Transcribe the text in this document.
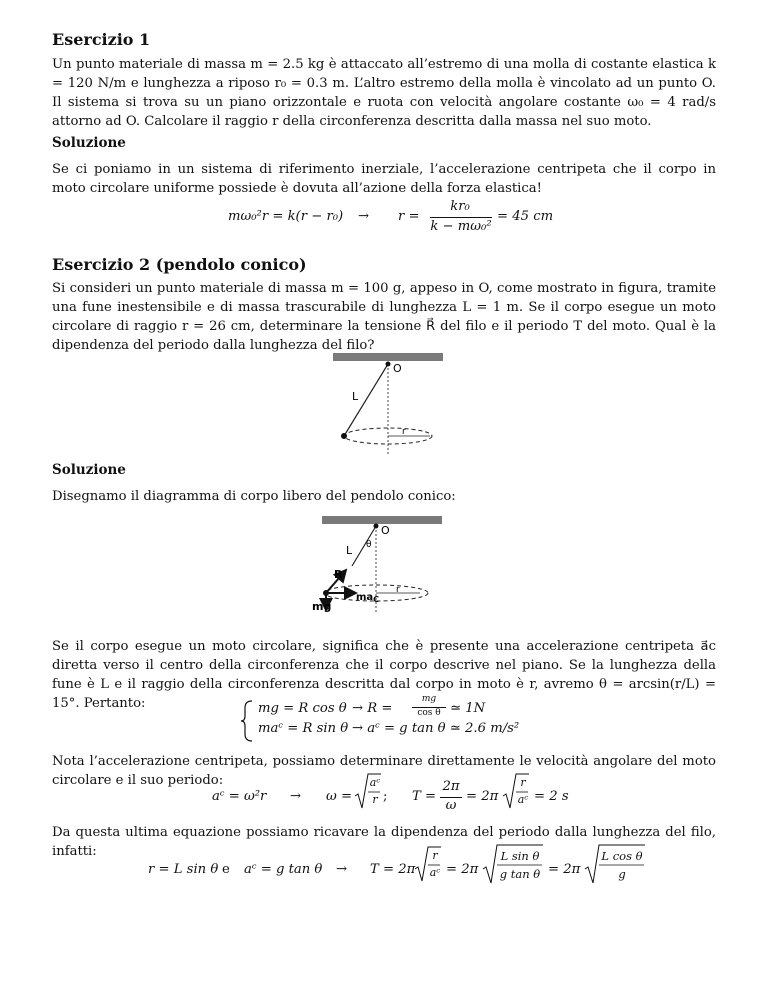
Esercizio 1
Un punto materiale di massa m = 2.5 kg è attaccato all’estremo di una molla di costante elastica k = 120 N/m e lunghezza a riposo r₀ = 0.3 m. L’altro estremo della molla è vincolato ad un punto O. Il sistema si trova su un piano orizzontale e ruota con velocità angolare costante ω₀ = 4 rad/s attorno ad O. Calcolare il raggio r della circonferenza descritta dalla massa nel suo moto.
Soluzione
Se ci poniamo in un sistema di riferimento inerziale, l’accelerazione centripeta che il corpo in moto circolare uniforme possiede è dovuta all’azione della forza elastica!
mω₀²r = k(r − r₀) → r =
kr₀
k − mω₀²
= 45 cm
Esercizio 2 (pendolo conico)
Si consideri un punto materiale di massa m = 100 g, appeso in O, come mostrato in figura, tramite una fune inestensibile e di massa trascurabile di lunghezza L = 1 m. Se il corpo esegue un moto circolare di raggio r = 26 cm, determinare la tensione R⃗ del filo e il periodo T del moto. Qual è la dipendenza del periodo dalla lunghezza del filo?
O
L
r
Soluzione
Disegnamo il diagramma di corpo libero del pendolo conico:
O
θ
L
R
$ma_C$
r
mg
Se il corpo esegue un moto circolare, significa che è presente una accelerazione centripeta a⃗c diretta verso il centro della circonferenza che il corpo descrive nel piano. Se la lunghezza della fune è L e il raggio della circonferenza descritta dal corpo in moto è r, avremo θ = arcsin(r/L) = 15°. Pertanto:	mg = R cos θ → R =
mg
cos θ ≃ 1N
maᶜ = R sin θ → aᶜ = g tan θ ≃ 2.6 m/s²
Nota l’accelerazione centripeta, possiamo determinare direttamente le velocità angolare del moto circolare e il suo periodo:
aᶜ = ω²r → ω =
aᶜ
r ; T =
2π
ω
= 2π
r
aᶜ = 2 s
Da questa ultima equazione possiamo ricavare la dipendenza del periodo dalla lunghezza del filo, infatti:
r = L sin θ e aᶜ = g tan θ → T = 2π
r
aᶜ = 2π
L sin θ
g tan θ = 2π
L cos θ
g
